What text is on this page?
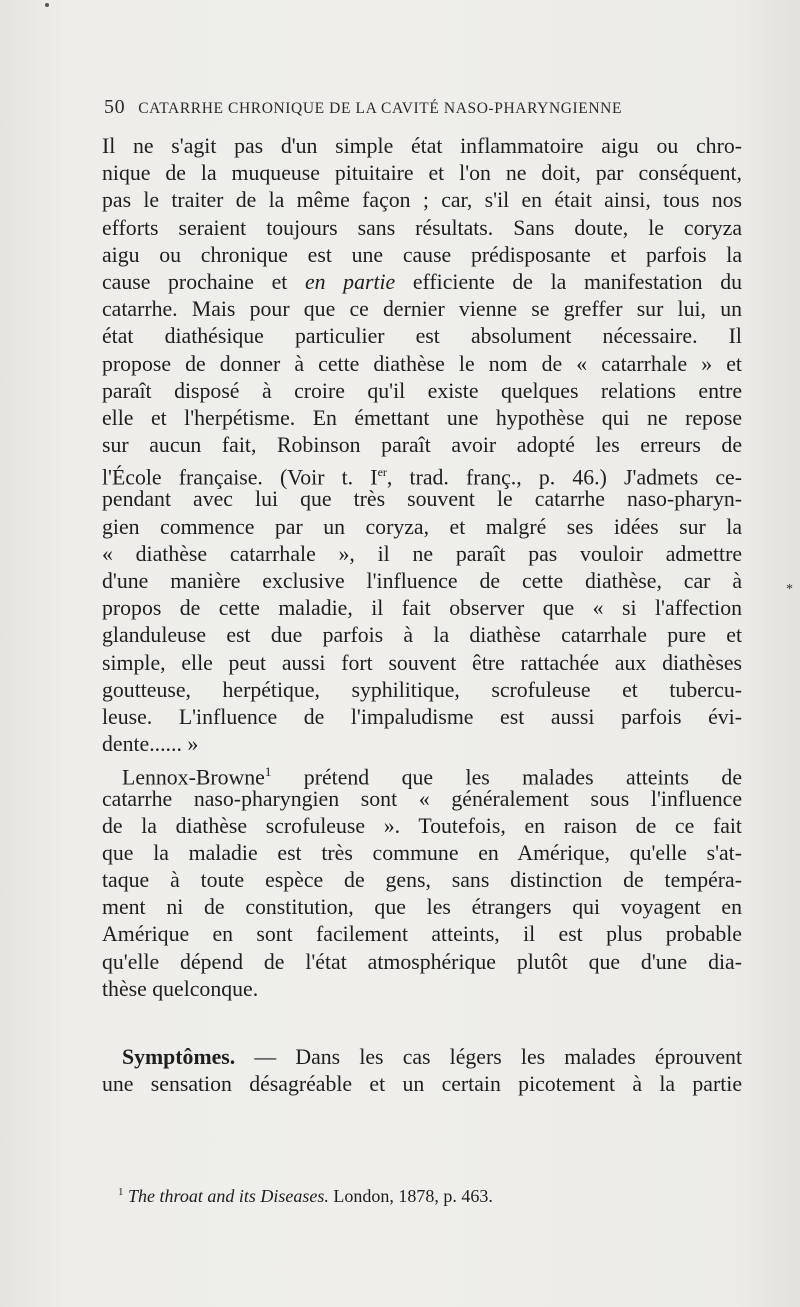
50 CATARRHE CHRONIQUE DE LA CAVITÉ NASO-PHARYNGIENNE
Il ne s'agit pas d'un simple état inflammatoire aigu ou chro-
nique de la muqueuse pituitaire et l'on ne doit, par conséquent,
pas le traiter de la même façon ; car, s'il en était ainsi, tous nos
efforts seraient toujours sans résultats. Sans doute, le coryza
aigu ou chronique est une cause prédisposante et parfois la
cause prochaine et en partie efficiente de la manifestation du
catarrhe. Mais pour que ce dernier vienne se greffer sur lui, un
état diathésique particulier est absolument nécessaire. Il
propose de donner à cette diathèse le nom de « catarrhale » et
paraît disposé à croire qu'il existe quelques relations entre
elle et l'herpétisme. En émettant une hypothèse qui ne repose
sur aucun fait, Robinson paraît avoir adopté les erreurs de
l'École française. (Voir t. Ier, trad. franç., p. 46.) J'admets ce-
pendant avec lui que très souvent le catarrhe naso-pharyn-
gien commence par un coryza, et malgré ses idées sur la
« diathèse catarrhale », il ne paraît pas vouloir admettre
d'une manière exclusive l'influence de cette diathèse, car à
propos de cette maladie, il fait observer que « si l'affection
glanduleuse est due parfois à la diathèse catarrhale pure et
simple, elle peut aussi fort souvent être rattachée aux diathèses
goutteuse, herpétique, syphilitique, scrofuleuse et tubercu-
leuse. L'influence de l'impaludisme est aussi parfois évi-
dente...... »
Lennox-Browne$^1$ prétend que les malades atteints de
catarrhe naso-pharyngien sont « généralement sous l'influence
de la diathèse scrofuleuse ». Toutefois, en raison de ce fait
que la maladie est très commune en Amérique, qu'elle s'at-
taque à toute espèce de gens, sans distinction de tempéra-
ment ni de constitution, que les étrangers qui voyagent en
Amérique en sont facilement atteints, il est plus probable
qu'elle dépend de l'état atmosphérique plutôt que d'une dia-
thèse quelconque.
Symptômes. — Dans les cas légers les malades éprouvent
une sensation désagréable et un certain picotement à la partie
*
$^1$ The throat and its Diseases. London, 1878, p. 463.
